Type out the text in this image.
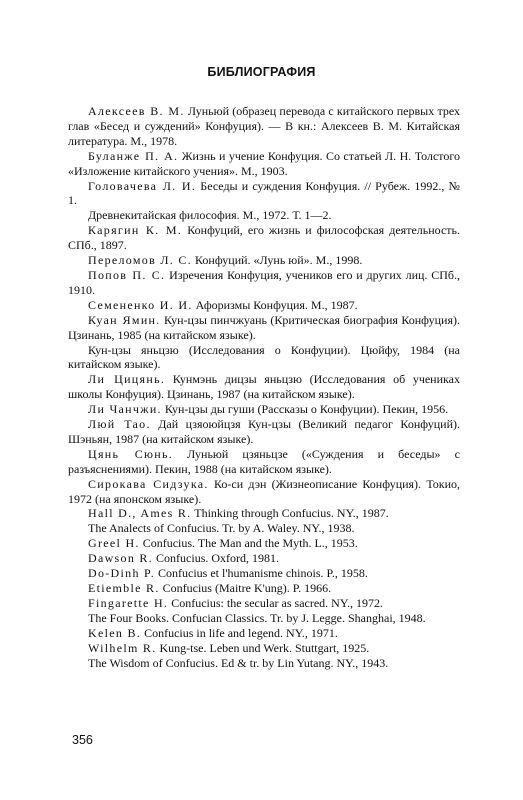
БИБЛИОГРАФИЯ

Алексеев В. М. Луньюй (образец перевода с китайского первых трех глав «Бесед и суждений» Конфуция). — В кн.: Алексеев В. М. Китайская литература. М., 1978.

Буланже П. А. Жизнь и учение Конфуция. Со статьей Л. Н. Толстого «Изложение китайского учения». М., 1903.

Головачева Л. И. Беседы и суждения Конфуция. // Рубеж. 1992., № 1.

Древнекитайская философия. М., 1972. Т. 1—2.

Карягин К. М. Конфуций, его жизнь и философская деятельность. СПб., 1897.

Переломов Л. С. Конфуций. «Лунь юй». М., 1998.

Попов П. С. Изречения Конфуция, учеников его и других лиц. СПб., 1910.

Семененко И. И. Афоризмы Конфуция. М., 1987.

Куан Ямин. Кун-цзы пинчжуань (Критическая биография Конфуция). Цзинань, 1985 (на китайском языке).

Кун-цзы яньцзю (Исследования о Конфуции). Цюйфу, 1984 (на китайском языке).

Ли Цицянь. Кунмэнь дицзы яньцзю (Исследования об учениках школы Конфуция). Цзинань, 1987 (на китайском языке).

Ли Чанчжи. Кун-цзы ды гуши (Рассказы о Конфуции). Пекин, 1956.

Люй Тао. Дай цзяоюйцзя Кун-цзы (Великий педагог Конфуций). Шэньян, 1987 (на китайском языке).

Цянь Сюнь. Луньюй цзяньцзе («Суждения и беседы» с разъяснениями). Пекин, 1988 (на китайском языке).

Сирокава Сидзука. Ко-си дэн (Жизнеописание Конфуция). Токио, 1972 (на японском языке).

Hall D., Ames R. Thinking through Confucius. NY., 1987.

The Analects of Confucius. Tr. by A. Waley. NY., 1938.

Greel H. Confucius. The Man and the Myth. L., 1953.

Dawson R. Confucius. Oxford, 1981.

Do-Dinh P. Confucius et l'humanisme chinois. P., 1958.

Etiemble R. Confucius (Maitre K'ung). P. 1966.

Fingarette H. Confucius: the secular as sacred. NY., 1972.

The Four Books. Confucian Classics. Tr. by J. Legge. Shanghai, 1948.

Kelen B. Confucius in life and legend. NY., 1971.

Wilhelm R. Kung-tse. Leben und Werk. Stuttgart, 1925.

The Wisdom of Confucius. Ed & tr. by Lin Yutang. NY., 1943.

356
